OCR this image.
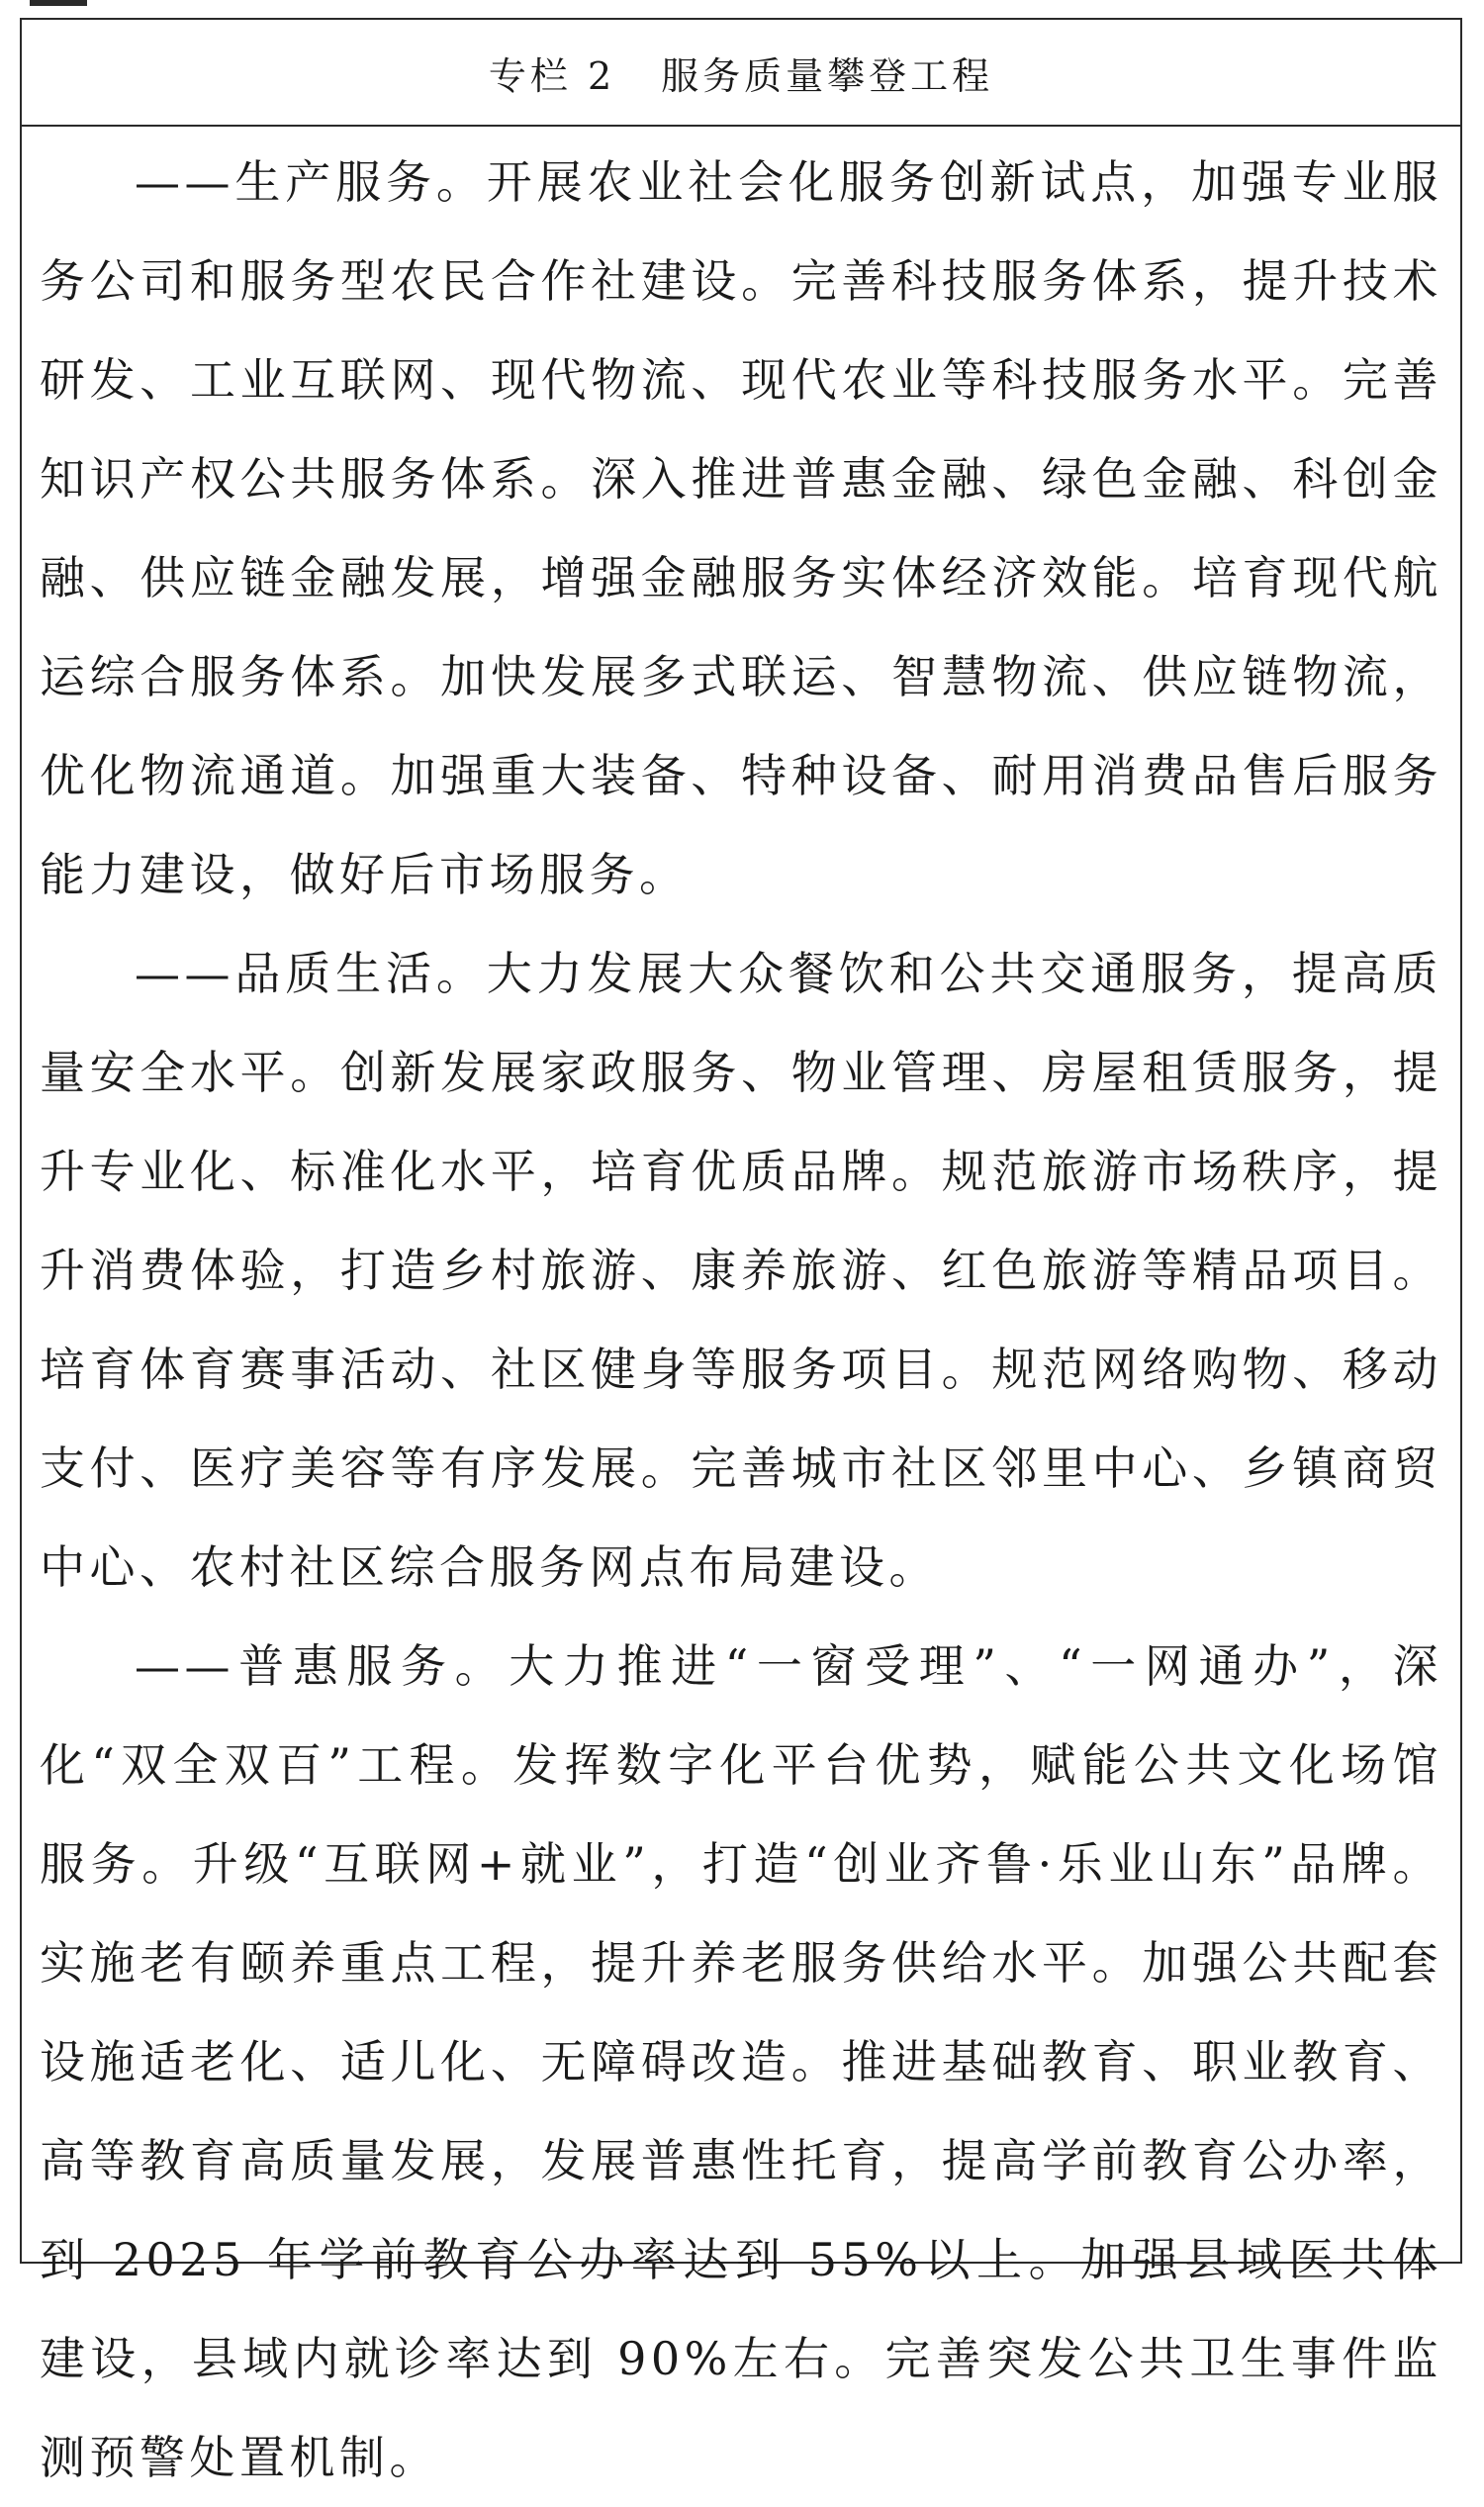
专栏 2 服务质量攀登工程

——生产服务。开展农业社会化服务创新试点，加强专业服务公司和服务型农民合作社建设。完善科技服务体系，提升技术研发、工业互联网、现代物流、现代农业等科技服务水平。完善知识产权公共服务体系。深入推进普惠金融、绿色金融、科创金融、供应链金融发展，增强金融服务实体经济效能。培育现代航运综合服务体系。加快发展多式联运、智慧物流、供应链物流，优化物流通道。加强重大装备、特种设备、耐用消费品售后服务能力建设，做好后市场服务。

——品质生活。大力发展大众餐饮和公共交通服务，提高质量安全水平。创新发展家政服务、物业管理、房屋租赁服务，提升专业化、标准化水平，培育优质品牌。规范旅游市场秩序，提升消费体验，打造乡村旅游、康养旅游、红色旅游等精品项目。培育体育赛事活动、社区健身等服务项目。规范网络购物、移动支付、医疗美容等有序发展。完善城市社区邻里中心、乡镇商贸中心、农村社区综合服务网点布局建设。

——普惠服务。大力推进“一窗受理”、“一网通办”，深化“双全双百”工程。发挥数字化平台优势，赋能公共文化场馆服务。升级“互联网+就业”，打造“创业齐鲁·乐业山东”品牌。实施老有颐养重点工程，提升养老服务供给水平。加强公共配套设施适老化、适儿化、无障碍改造。推进基础教育、职业教育、高等教育高质量发展，发展普惠性托育，提高学前教育公办率，到 2025 年学前教育公办率达到 55%以上。加强县域医共体建设，县域内就诊率达到 90%左右。完善突发公共卫生事件监测预警处置机制。
